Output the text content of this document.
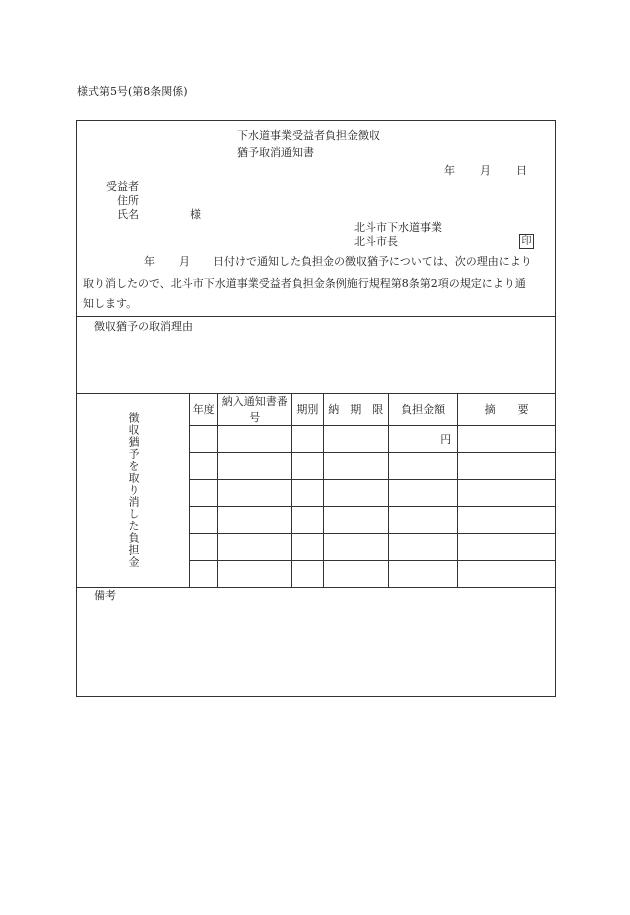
様式第5号(第8条関係)
下水道事業受益者負担金徴収
猶予取消通知書
年 月 日
受益者
住所
氏名	様
北斗市下水道事業
北斗市長	印
年 月 日付けで通知した負担金の徴収猶予については、次の理由により
取り消したので、北斗市下水道事業受益者負担金条例施行規程第8条第2項の規定により通
知します。
徴収猶予の取消理由
徴収猶予を取り消した負担金	年度	納入通知書番号	期別	納　期　限	負担金額	摘　　要
					円	

備考
